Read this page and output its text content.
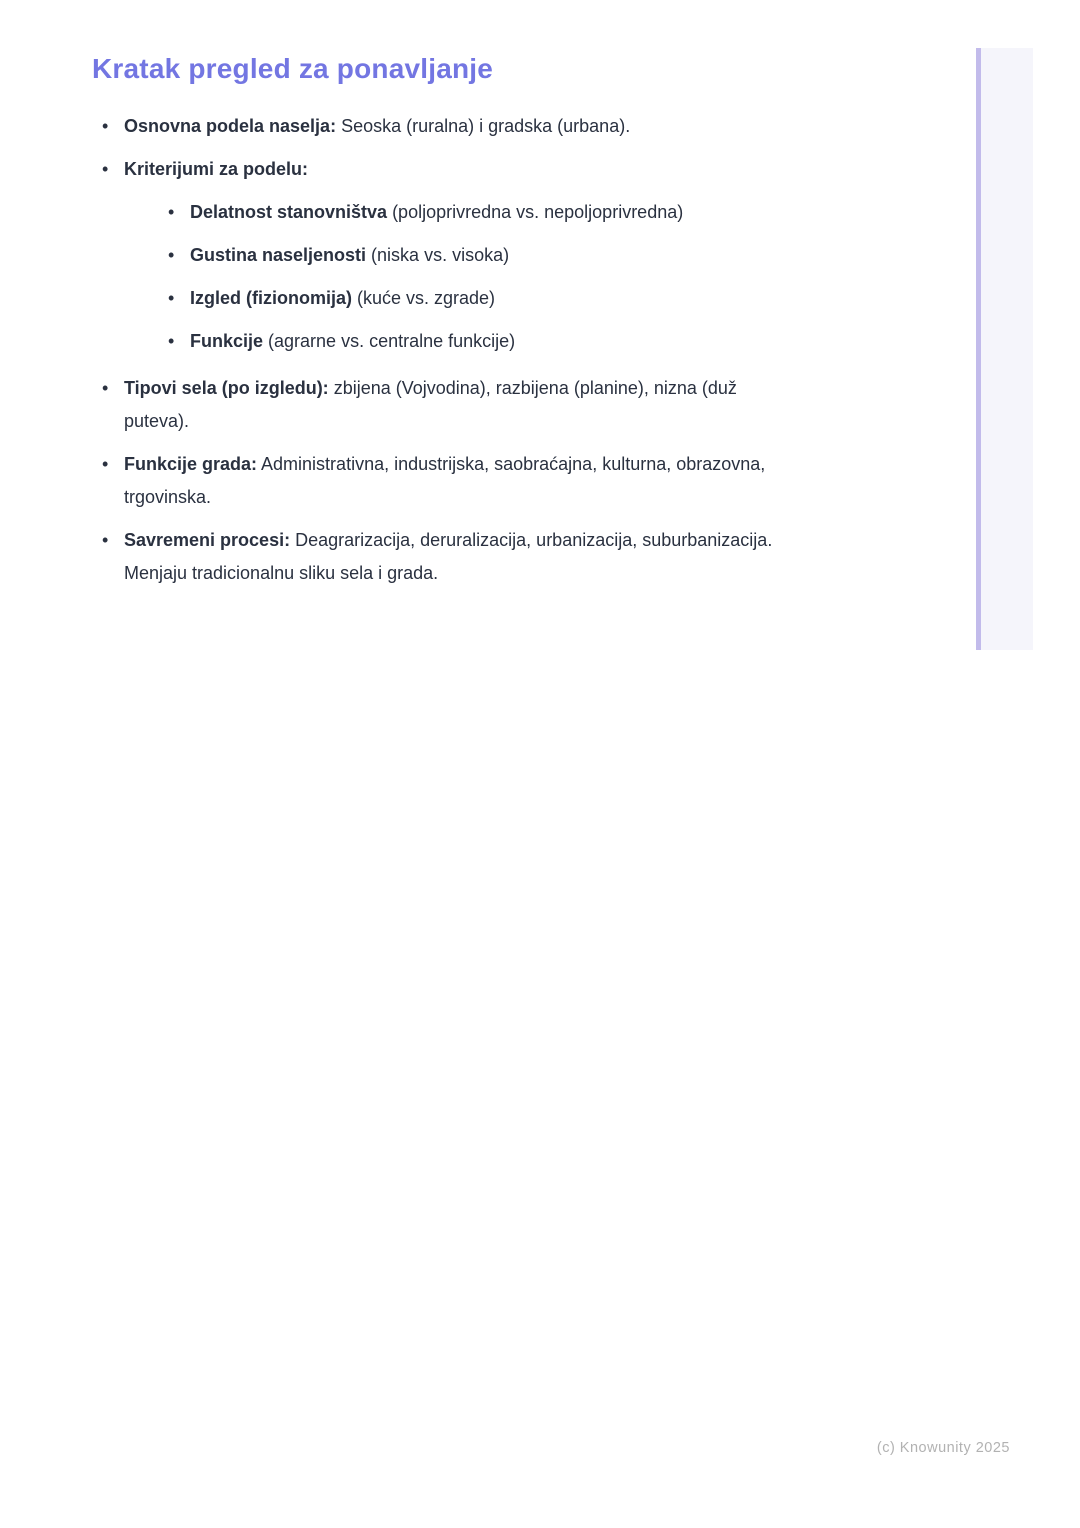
Kratak pregled za ponavljanje
• Osnovna podela naselja: Seoska (ruralna) i gradska (urbana).
• Kriterijumi za podelu:
• Delatnost stanovništva (poljoprivredna vs. nepoljoprivredna)
• Gustina naseljenosti (niska vs. visoka)
• Izgled (fizionomija) (kuće vs. zgrade)
• Funkcije (agrarne vs. centralne funkcije)
• Tipovi sela (po izgledu): zbijena (Vojvodina), razbijena (planine), nizna (duž puteva).
• Funkcije grada: Administrativna, industrijska, saobraćajna, kulturna, obrazovna, trgovinska.
• Savremeni procesi: Deagrarizacija, deruralizacija, urbanizacija, suburbanizacija. Menjaju tradicionalnu sliku sela i grada.
(c) Knowunity 2025
